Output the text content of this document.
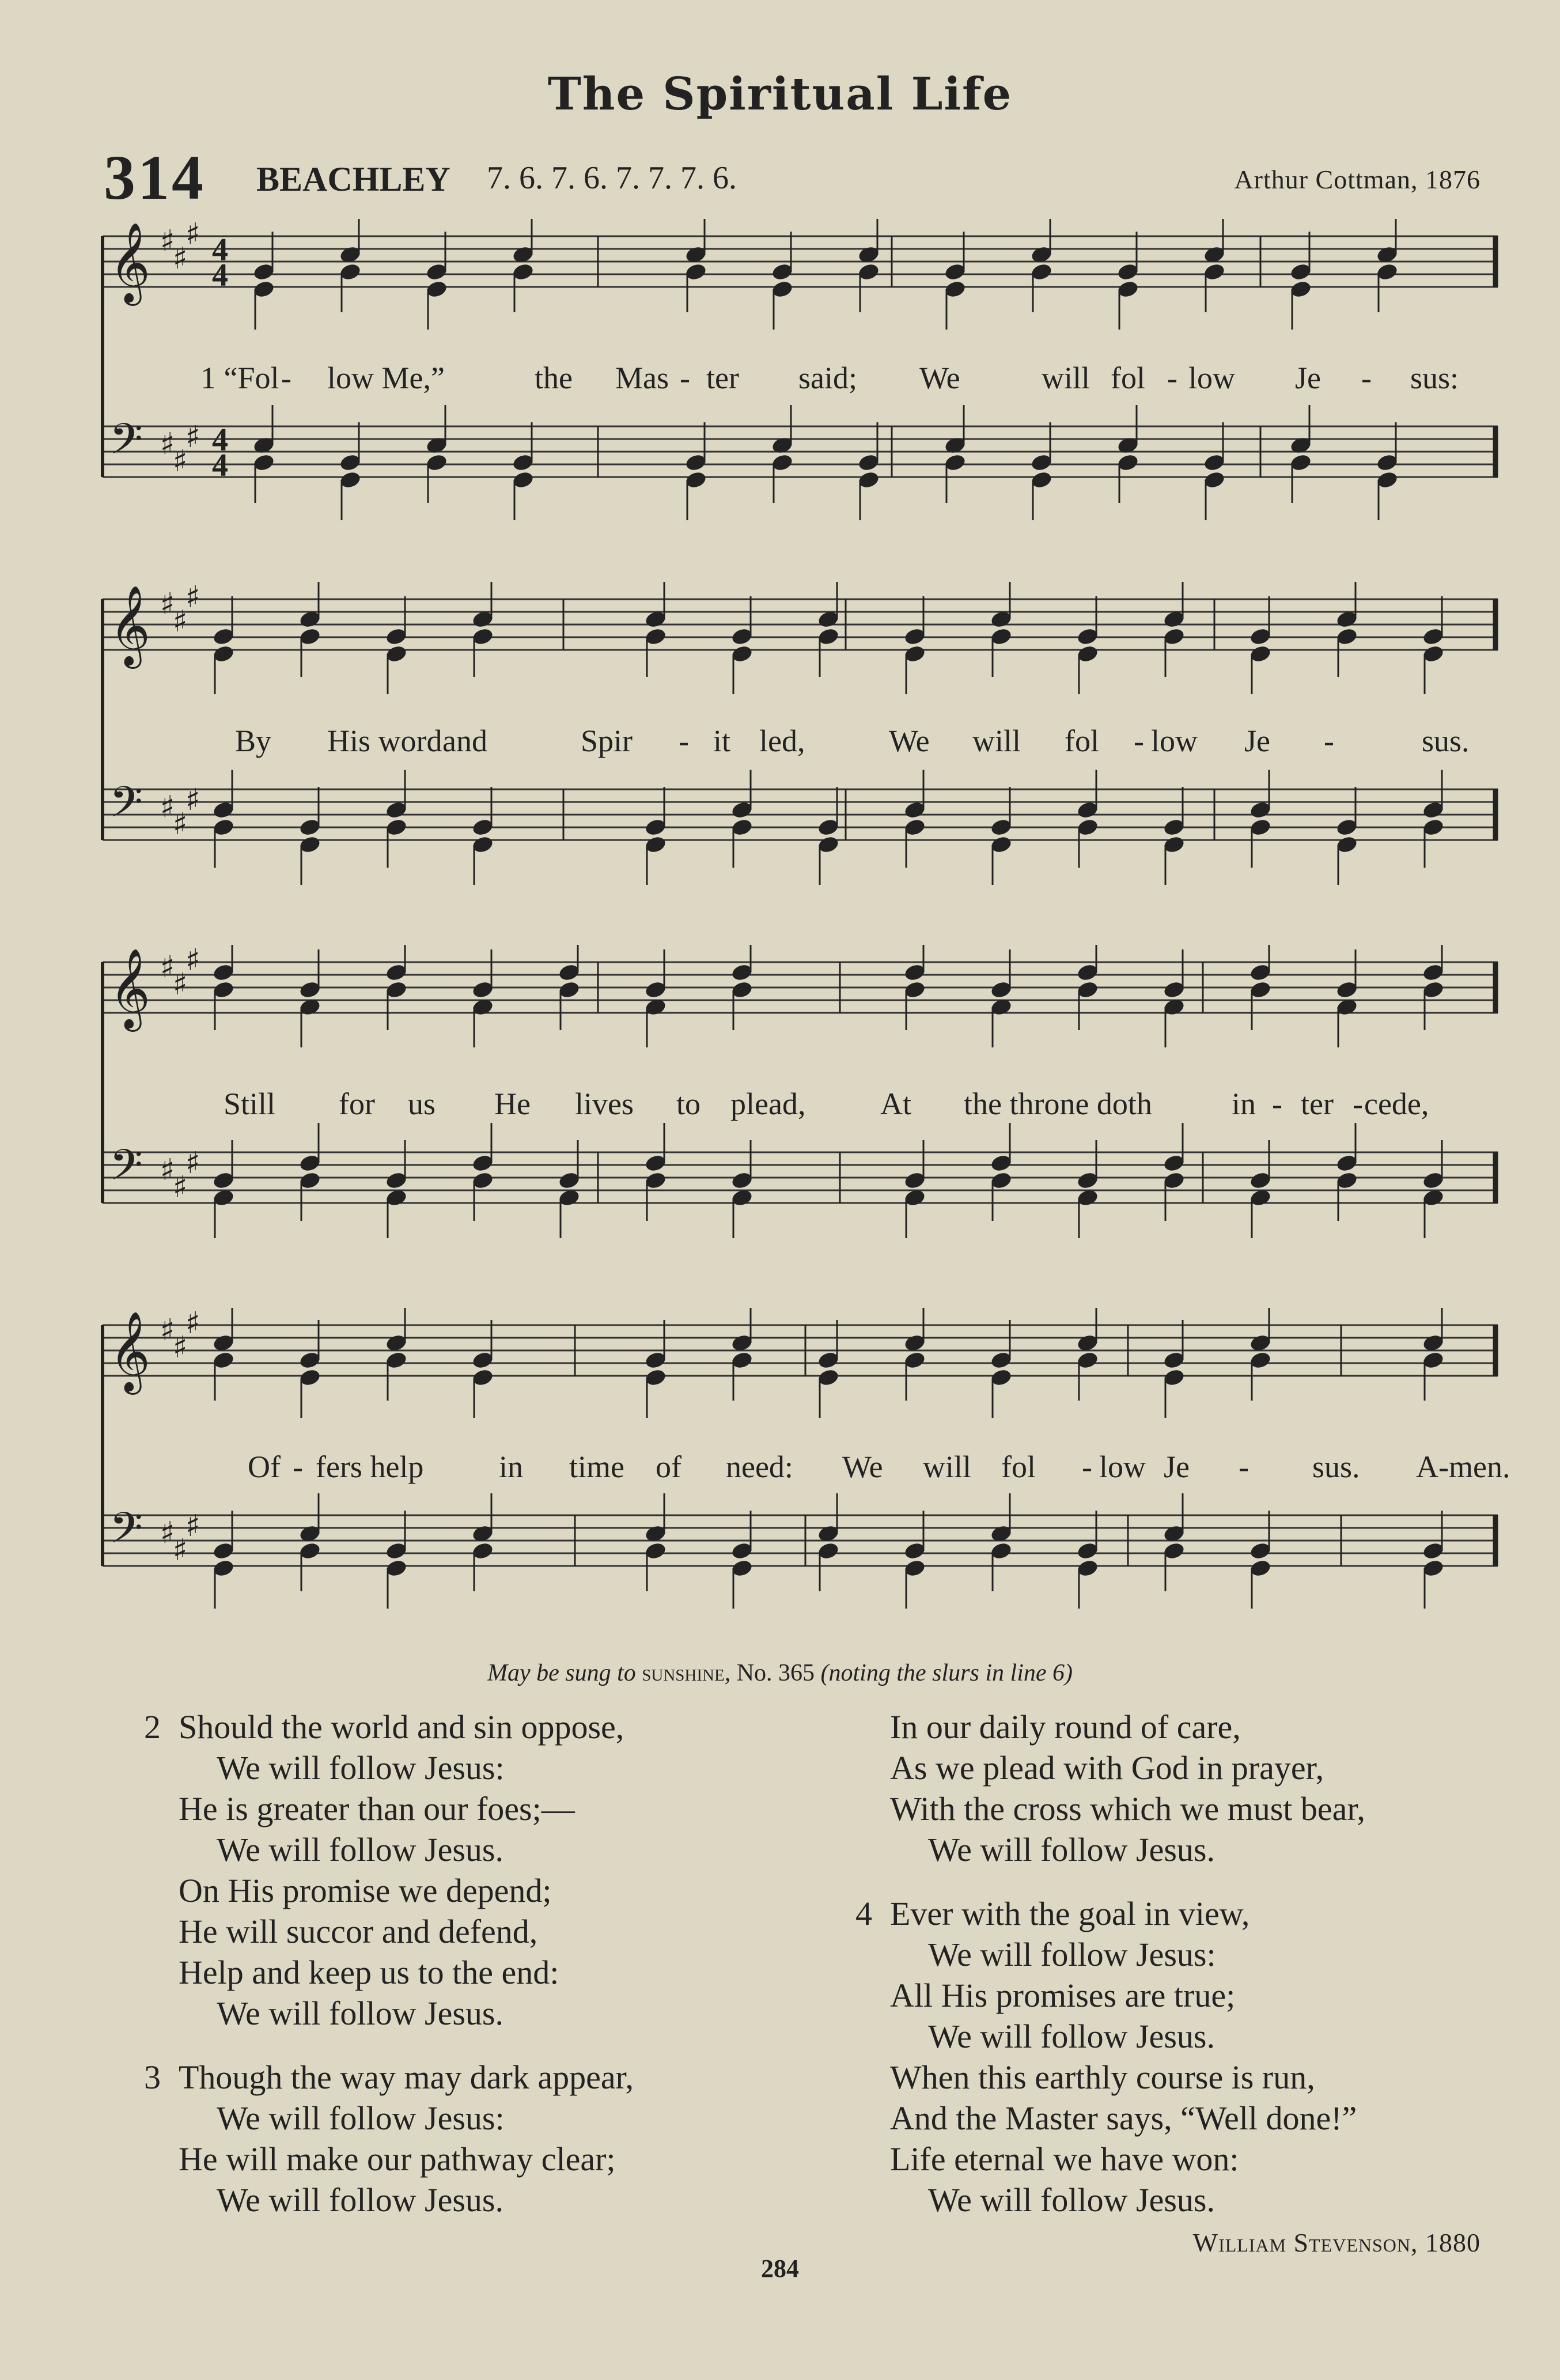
The Spiritual Life
314 BEACHLEY 7. 6. 7. 6. 7. 7. 7. 6.	Arthur Cottman, 1876
𝄞 ♯
♯
♯ 4
4
𝄢 ♯
♯
♯ 4
4
1 “Fol - low Me,”	the Mas - ter said; We	will fol - low Je - sus:
𝄞 ♯
♯
♯
𝄢 ♯
♯
♯
By His word and	Spir - it led,	We will fol - low Je -	sus.
𝄞 ♯
♯
♯
𝄢 ♯
♯
♯
Still for us He lives to plead, At the throne doth	in - ter - cede,
𝄞 ♯
♯
♯
𝄢 ♯
♯
♯
Of - fers help in time of need: We will fol - low Je - sus. A-men.
May be sung to sunshine, No. 365 (noting the slurs in line 6)
2 Should the world and sin oppose,
We will follow Jesus:
He is greater than our foes;—
We will follow Jesus.
On His promise we depend;
He will succor and defend,
Help and keep us to the end:
We will follow Jesus.
3 Though the way may dark appear,
We will follow Jesus:
He will make our pathway clear;
We will follow Jesus.
In our daily round of care,
As we plead with God in prayer,
With the cross which we must bear,
We will follow Jesus.
4 Ever with the goal in view,
We will follow Jesus:
All His promises are true;
We will follow Jesus.
When this earthly course is run,
And the Master says, “Well done!”
Life eternal we have won:
We will follow Jesus.
William Stevenson, 1880
284
